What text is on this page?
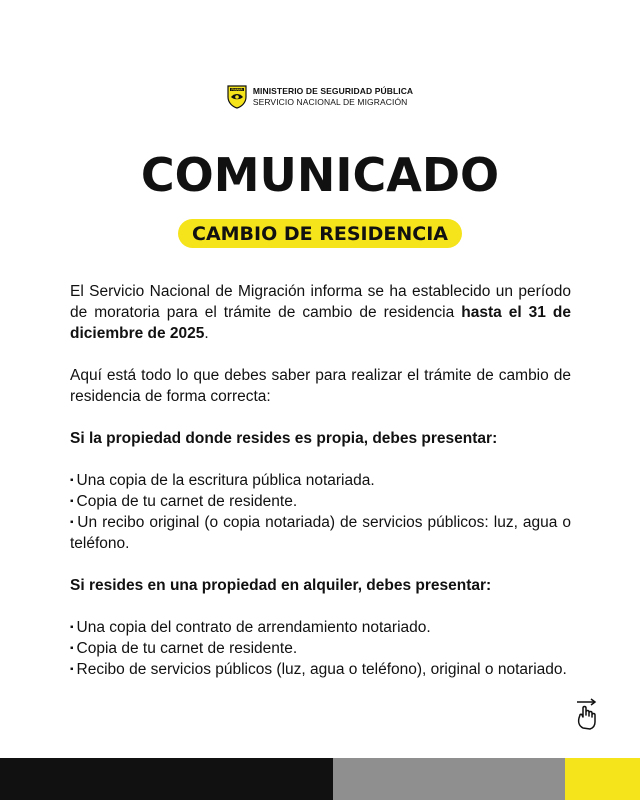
PANAMÁ MINISTERIO DE SEGURIDAD PÚBLICA
SERVICIO NACIONAL DE MIGRACIÓN
COMUNICADO
CAMBIO DE RESIDENCIA

El Servicio Nacional de Migración informa se ha establecido un período de moratoria para el trámite de cambio de residencia hasta el 31 de diciembre de 2025.

Aquí está todo lo que debes saber para realizar el trámite de cambio de residencia de forma correcta:

Si la propiedad donde resides es propia, debes presentar:

▪ Una copia de la escritura pública notariada.
▪ Copia de tu carnet de residente.
▪ Un recibo original (o copia notariada) de servicios públicos: luz, agua o teléfono.

Si resides en una propiedad en alquiler, debes presentar:

▪ Una copia del contrato de arrendamiento notariado.
▪ Copia de tu carnet de residente.
▪ Recibo de servicios públicos (luz, agua o teléfono), original o notariado.
